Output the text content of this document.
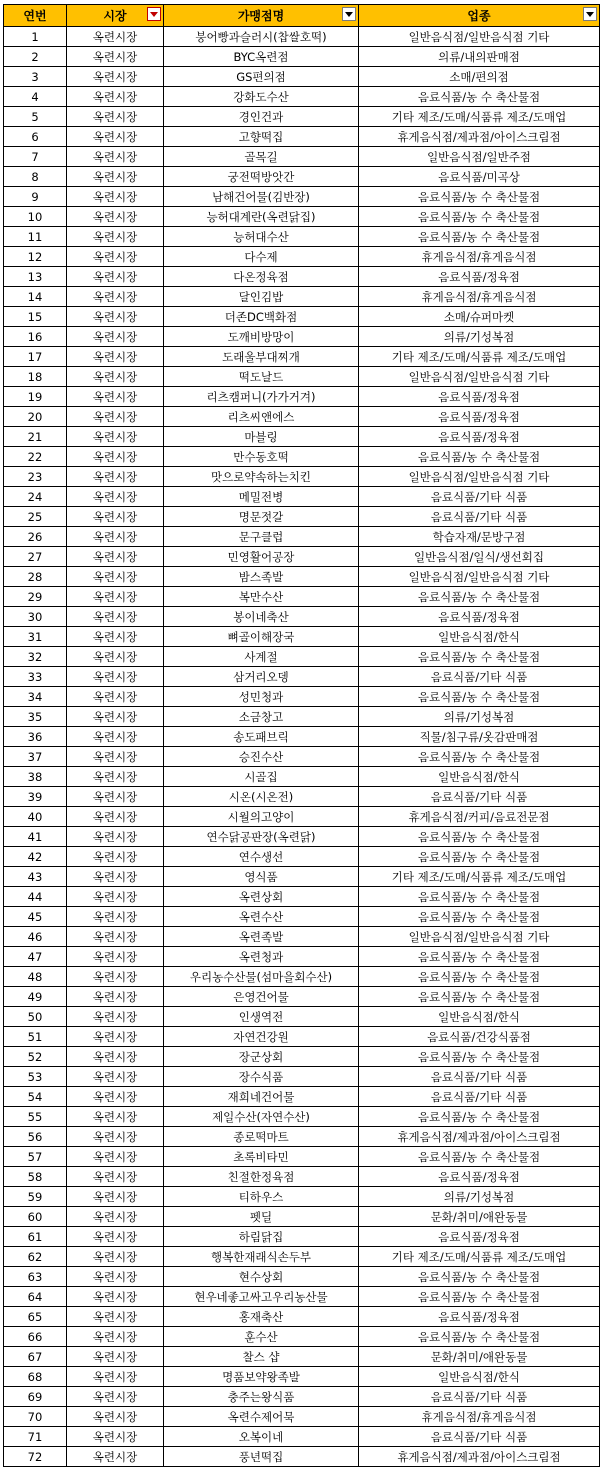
연번	시장	가맹점명	업종

1	옥련시장	붕어빵과슬러시(찹쌀호떡)	일반음식점/일반음식점 기타
2	옥련시장	BYC옥련점	의류/내의판매점
3	옥련시장	GS편의점	소매/편의점
4	옥련시장	강화도수산	음료식품/농 수 축산물점
5	옥련시장	경인건과	기타 제조/도매/식품류 제조/도매업
6	옥련시장	고향떡집	휴게음식점/제과점/아이스크림점
7	옥련시장	골목길	일반음식점/일반주점
8	옥련시장	궁전떡방앗간	음료식품/미곡상
9	옥련시장	남해건어물(김반장)	음료식품/농 수 축산물점
10	옥련시장	능허대계란(옥련닭집)	음료식품/농 수 축산물점
11	옥련시장	능허대수산	음료식품/농 수 축산물점
12	옥련시장	다수제	휴게음식점/휴게음식점
13	옥련시장	다온정육점	음료식품/정육점
14	옥련시장	달인김밥	휴게음식점/휴게음식점
15	옥련시장	더존DC백화점	소매/슈퍼마켓
16	옥련시장	도깨비방망이	의류/기성복점
17	옥련시장	도래울부대찌개	기타 제조/도매/식품류 제조/도매업
18	옥련시장	떡도날드	일반음식점/일반음식점 기타
19	옥련시장	리츠캠퍼니(가가거겨)	음료식품/정육점
20	옥련시장	리츠씨앤에스	음료식품/정육점
21	옥련시장	마블링	음료식품/정육점
22	옥련시장	만수동호떡	음료식품/농 수 축산물점
23	옥련시장	맛으로약속하는치킨	일반음식점/일반음식점 기타
24	옥련시장	메밀전병	음료식품/기타 식품
25	옥련시장	명문젓갈	음료식품/기타 식품
26	옥련시장	문구클럽	학습자재/문방구점
27	옥련시장	민영활어공장	일반음식점/일식/생선회집
28	옥련시장	밤스족발	일반음식점/일반음식점 기타
29	옥련시장	복만수산	음료식품/농 수 축산물점
30	옥련시장	봉이네축산	음료식품/정육점
31	옥련시장	뼈골이해장국	일반음식점/한식
32	옥련시장	사계절	음료식품/농 수 축산물점
33	옥련시장	삼거리오뎅	음료식품/기타 식품
34	옥련시장	성민청과	음료식품/농 수 축산물점
35	옥련시장	소금창고	의류/기성복점
36	옥련시장	송도패브릭	직물/침구류/옷감판매점
37	옥련시장	승진수산	음료식품/농 수 축산물점
38	옥련시장	시골집	일반음식점/한식
39	옥련시장	시온(시온전)	음료식품/기타 식품
40	옥련시장	시월의고양이	휴게음식점/커피/음료전문점
41	옥련시장	연수닭공판장(옥련닭)	음료식품/농 수 축산물점
42	옥련시장	연수생선	음료식품/농 수 축산물점
43	옥련시장	영식품	기타 제조/도매/식품류 제조/도매업
44	옥련시장	옥련상회	음료식품/농 수 축산물점
45	옥련시장	옥련수산	음료식품/농 수 축산물점
46	옥련시장	옥련족발	일반음식점/일반음식점 기타
47	옥련시장	옥련청과	음료식품/농 수 축산물점
48	옥련시장	우리농수산물(섬마을회수산)	음료식품/농 수 축산물점
49	옥련시장	은영건어물	음료식품/농 수 축산물점
50	옥련시장	인생역전	일반음식점/한식
51	옥련시장	자연건강원	음료식품/건강식품점
52	옥련시장	장군상회	음료식품/농 수 축산물점
53	옥련시장	장수식품	음료식품/기타 식품
54	옥련시장	재희네건어물	음료식품/기타 식품
55	옥련시장	제일수산(자연수산)	음료식품/농 수 축산물점
56	옥련시장	종로떡마트	휴게음식점/제과점/아이스크림점
57	옥련시장	초록비타민	음료식품/농 수 축산물점
58	옥련시장	친절한정육점	음료식품/정육점
59	옥련시장	티하우스	의류/기성복점
60	옥련시장	펫딜	문화/취미/애완동물
61	옥련시장	하림닭집	음료식품/정육점
62	옥련시장	행복한재래식손두부	기타 제조/도매/식품류 제조/도매업
63	옥련시장	현수상회	음료식품/농 수 축산물점
64	옥련시장	현우네좋고싸고우리농산물	음료식품/농 수 축산물점
65	옥련시장	홍재축산	음료식품/정육점
66	옥련시장	훈수산	음료식품/농 수 축산물점
67	옥련시장	찰스 샵	문화/취미/애완동물
68	옥련시장	명품보약왕족발	일반음식점/한식
69	옥련시장	충주는왕식품	음료식품/기타 식품
70	옥련시장	옥련수제어묵	휴게음식점/휴게음식점
71	옥련시장	오복이네	음료식품/기타 식품
72	옥련시장	풍년떡집	휴게음식점/제과점/아이스크림점
